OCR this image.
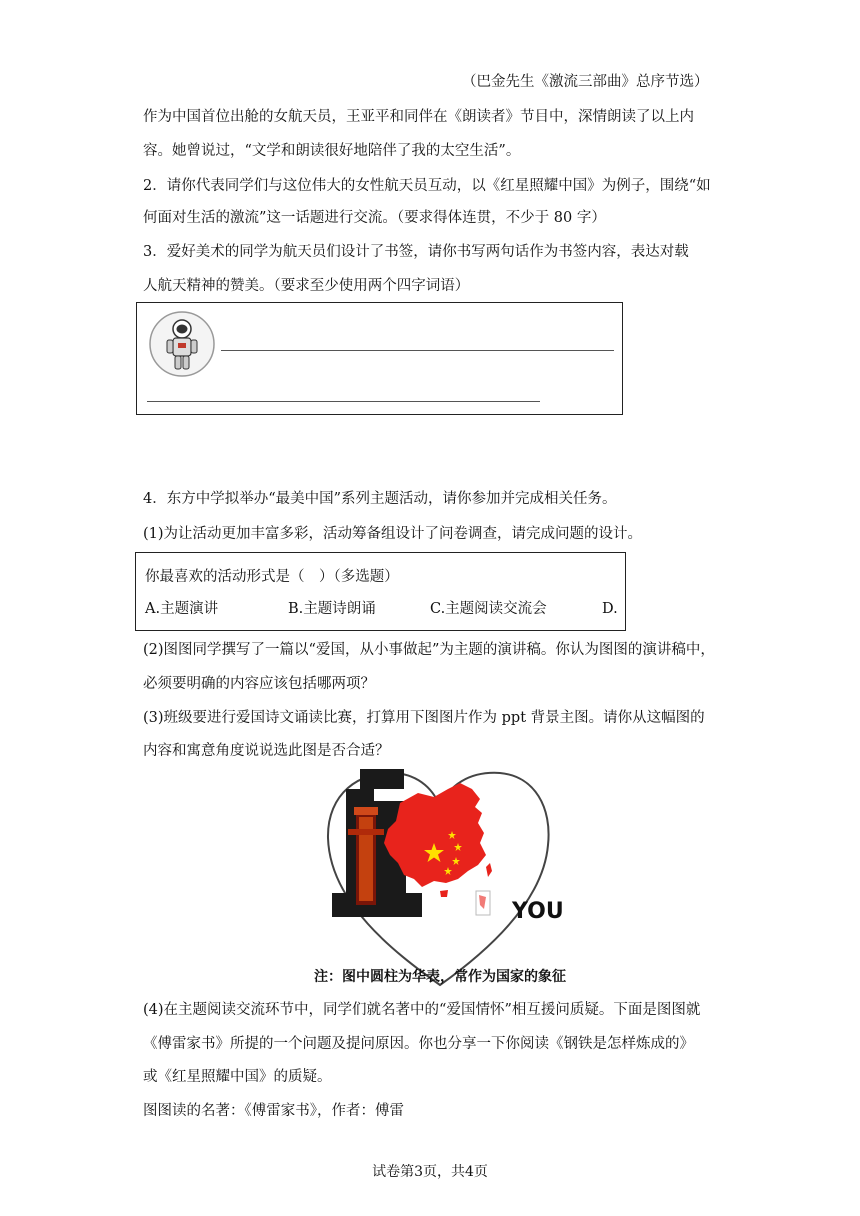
（巴金先生《激流三部曲》总序节选）
作为中国首位出舱的女航天员，王亚平和同伴在《朗读者》节目中，深情朗读了以上内
容。她曾说过，“文学和朗读很好地陪伴了我的太空生活”。
2．请你代表同学们与这位伟大的女性航天员互动，以《红星照耀中国》为例子，围绕“如
何面对生活的激流”这一话题进行交流。（要求得体连贯，不少于 80 字）
3．爱好美术的同学为航天员们设计了书签，请你书写两句话作为书签内容，表达对载
人航天精神的赞美。（要求至少使用两个四字词语）
4．东方中学拟举办“最美中国”系列主题活动，请你参加并完成相关任务。
(1)为让活动更加丰富多彩，活动筹备组设计了问卷调查，请完成问题的设计。
你最喜欢的活动形式是（　）（多选题）
A.主题演讲	B.主题诗朗诵	C.主题阅读交流会	D.
(2)图图同学撰写了一篇以“爱国，从小事做起”为主题的演讲稿。你认为图图的演讲稿中，
必须要明确的内容应该包括哪两项？
(3)班级要进行爱国诗文诵读比赛，打算用下图图片作为 ppt 背景主图。请你从这幅图的
内容和寓意角度说说选此图是否合适？
YOU
注：图中圆柱为华表，常作为国家的象征
(4)在主题阅读交流环节中，同学们就名著中的“爱国情怀”相互援问质疑。下面是图图就
《傅雷家书》所提的一个问题及提问原因。你也分享一下你阅读《钢铁是怎样炼成的》
或《红星照耀中国》的质疑。
图图读的名著：《傅雷家书》，作者：傅雷
试卷第3页，共4页
